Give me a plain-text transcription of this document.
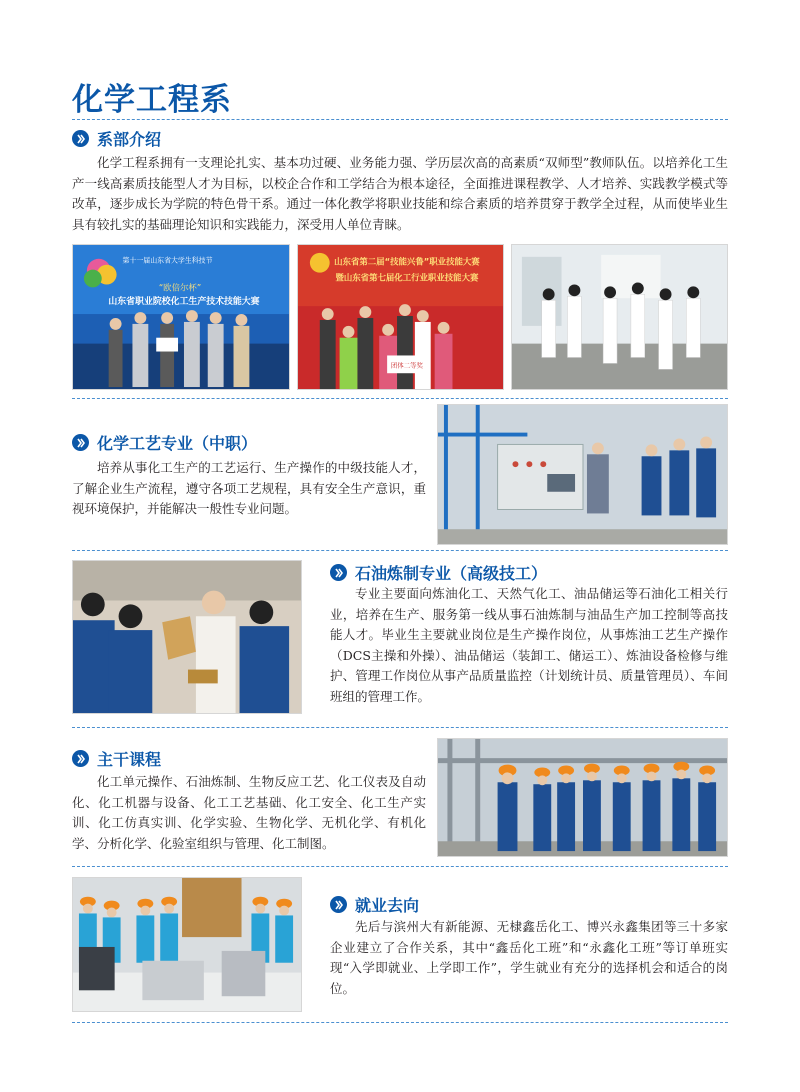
化学工程系
系部介绍

化学工程系拥有一支理论扎实、基本功过硬、业务能力强、学历层次高的高素质“双师型”教师队伍。以培养化工生产一线高素质技能型人才为目标，以校企合作和工学结合为根本途径，全面推进课程教学、人才培养、实践教学模式等改革，逐步成长为学院的特色骨干系。通过一体化教学将职业技能和综合素质的培养贯穿于教学全过程，从而使毕业生具有较扎实的基础理论知识和实践能力，深受用人单位青睐。

第十一届山东省大学生科技节
“欧倍尔杯”
山东省职业院校化工生产技术技能大赛
山东省第二届“技能兴鲁”职业技能大赛
暨山东省第七届化工行业职业技能大赛
团体二等奖
化学工艺专业（中职）

培养从事化工生产的工艺运行、生产操作的中级技能人才，了解企业生产流程，遵守各项工艺规程，具有安全生产意识，重视环境保护，并能解决一般性专业问题。

石油炼制专业（高级技工）

专业主要面向炼油化工、天然气化工、油品储运等石油化工相关行业，培养在生产、服务第一线从事石油炼制与油品生产加工控制等高技能人才。毕业生主要就业岗位是生产操作岗位，从事炼油工艺生产操作（DCS主操和外操）、油品储运（装卸工、储运工）、炼油设备检修与维护、管理工作岗位从事产品质量监控（计划统计员、质量管理员）、车间班组的管理工作。

主干课程

化工单元操作、石油炼制、生物反应工艺、化工仪表及自动化、化工机器与设备、化工工艺基础、化工安全、化工生产实训、化工仿真实训、化学实验、生物化学、无机化学、有机化学、分析化学、化验室组织与管理、化工制图。

就业去向

先后与滨州大有新能源、无棣鑫岳化工、博兴永鑫集团等三十多家企业建立了合作关系，其中“鑫岳化工班”和“永鑫化工班”等订单班实现“入学即就业、上学即工作”，学生就业有充分的选择机会和适合的岗位。
